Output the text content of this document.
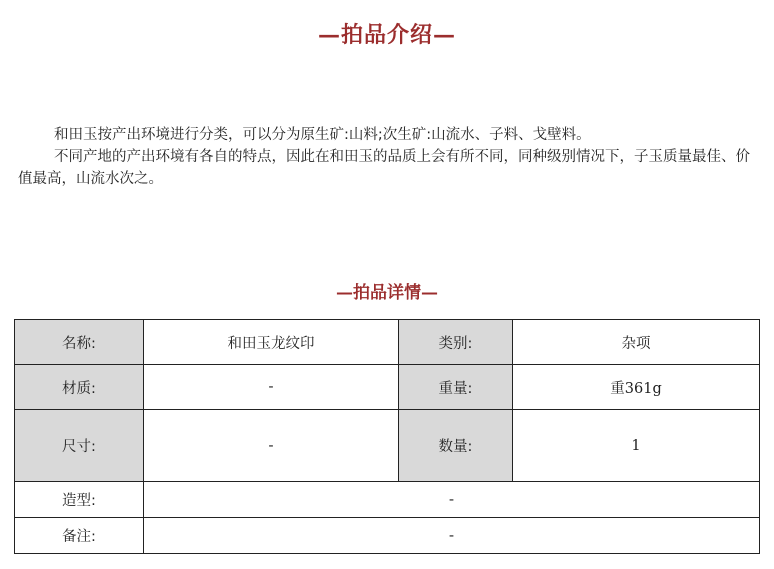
—拍品介绍—

和田玉按产出环境进行分类，可以分为原生矿:山料;次生矿:山流水、子料、戈壁料。

不同产地的产出环境有各自的特点，因此在和田玉的品质上会有所不同，同种级别情况下，子玉质量最佳、价值最高，山流水次之。

—拍品详情—
名称:	和田玉龙纹印	类别:	杂项
材质:	-	重量:	重361g
尺寸:	-	数量:	1
造型:	-		
备注:	-		
